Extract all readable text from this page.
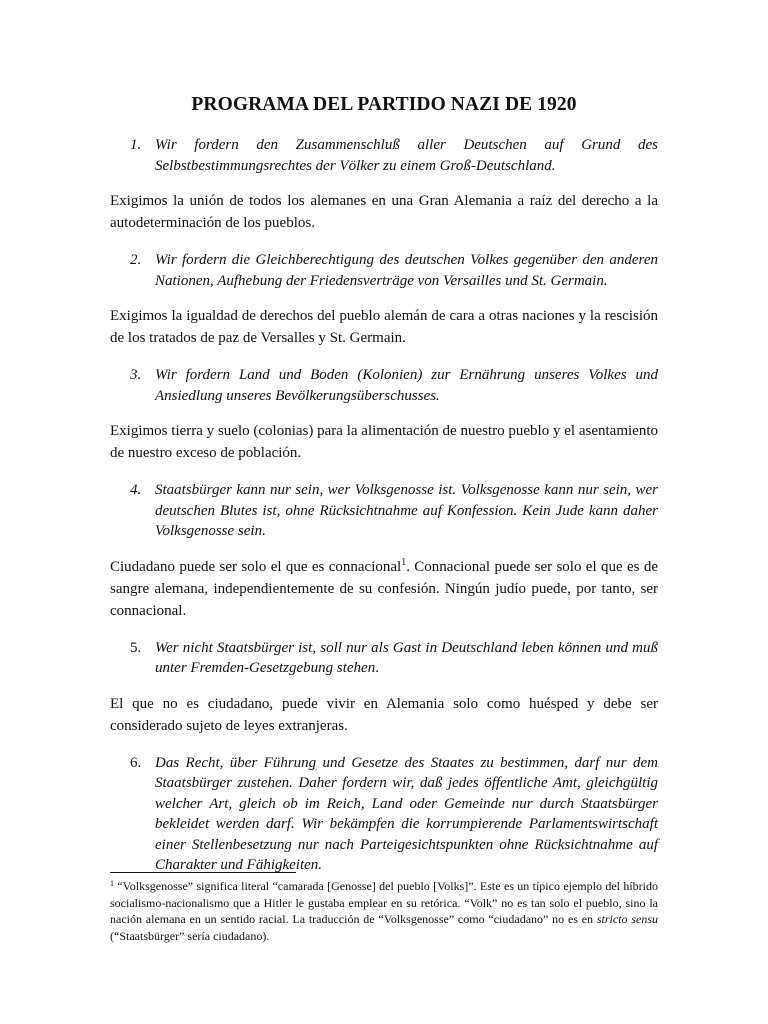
PROGRAMA DEL PARTIDO NAZI DE 1920
1. Wir fordern den Zusammenschluß aller Deutschen auf Grund des Selbstbestimmungsrechtes der Völker zu einem Groß-Deutschland.

Exigimos la unión de todos los alemanes en una Gran Alemania a raíz del derecho a la autodeterminación de los pueblos.

2. Wir fordern die Gleichberechtigung des deutschen Volkes gegenüber den anderen Nationen, Aufhebung der Friedensverträge von Versailles und St. Germain.

Exigimos la igualdad de derechos del pueblo alemán de cara a otras naciones y la rescisión de los tratados de paz de Versalles y St. Germain.

3. Wir fordern Land und Boden (Kolonien) zur Ernährung unseres Volkes und Ansiedlung unseres Bevölkerungsüberschusses.

Exigimos tierra y suelo (colonias) para la alimentación de nuestro pueblo y el asentamiento de nuestro exceso de población.

4. Staatsbürger kann nur sein, wer Volksgenosse ist. Volksgenosse kann nur sein, wer deutschen Blutes ist, ohne Rücksichtnahme auf Konfession. Kein Jude kann daher Volksgenosse sein.

Ciudadano puede ser solo el que es connacional$^1$. Connacional puede ser solo el que es de sangre alemana, independientemente de su confesión. Ningún judío puede, por tanto, ser connacional.

5. Wer nicht Staatsbürger ist, soll nur als Gast in Deutschland leben können und muß unter Fremden-Gesetzgebung stehen.

El que no es ciudadano, puede vivir en Alemania solo como huésped y debe ser considerado sujeto de leyes extranjeras.

6. Das Recht, über Führung und Gesetze des Staates zu bestimmen, darf nur dem Staatsbürger zustehen. Daher fordern wir, daß jedes öffentliche Amt, gleichgültig welcher Art, gleich ob im Reich, Land oder Gemeinde nur durch Staatsbürger bekleidet werden darf. Wir bekämpfen die korrumpierende Parlamentswirtschaft einer Stellenbesetzung nur nach Parteigesichtspunkten ohne Rücksichtnahme auf Charakter und Fähigkeiten.
$^1$ “Volksgenosse” significa literal “camarada [Genosse] del pueblo [Volks]”. Este es un típico ejemplo del híbrido socialismo-nacionalismo que a Hitler le gustaba emplear en su retórica. “Volk” no es tan solo el pueblo, sino la nación alemana en un sentido racial. La traducción de “Volksgenosse” como “ciudadano” no es en stricto sensu (“Staatsbürger” sería ciudadano).
